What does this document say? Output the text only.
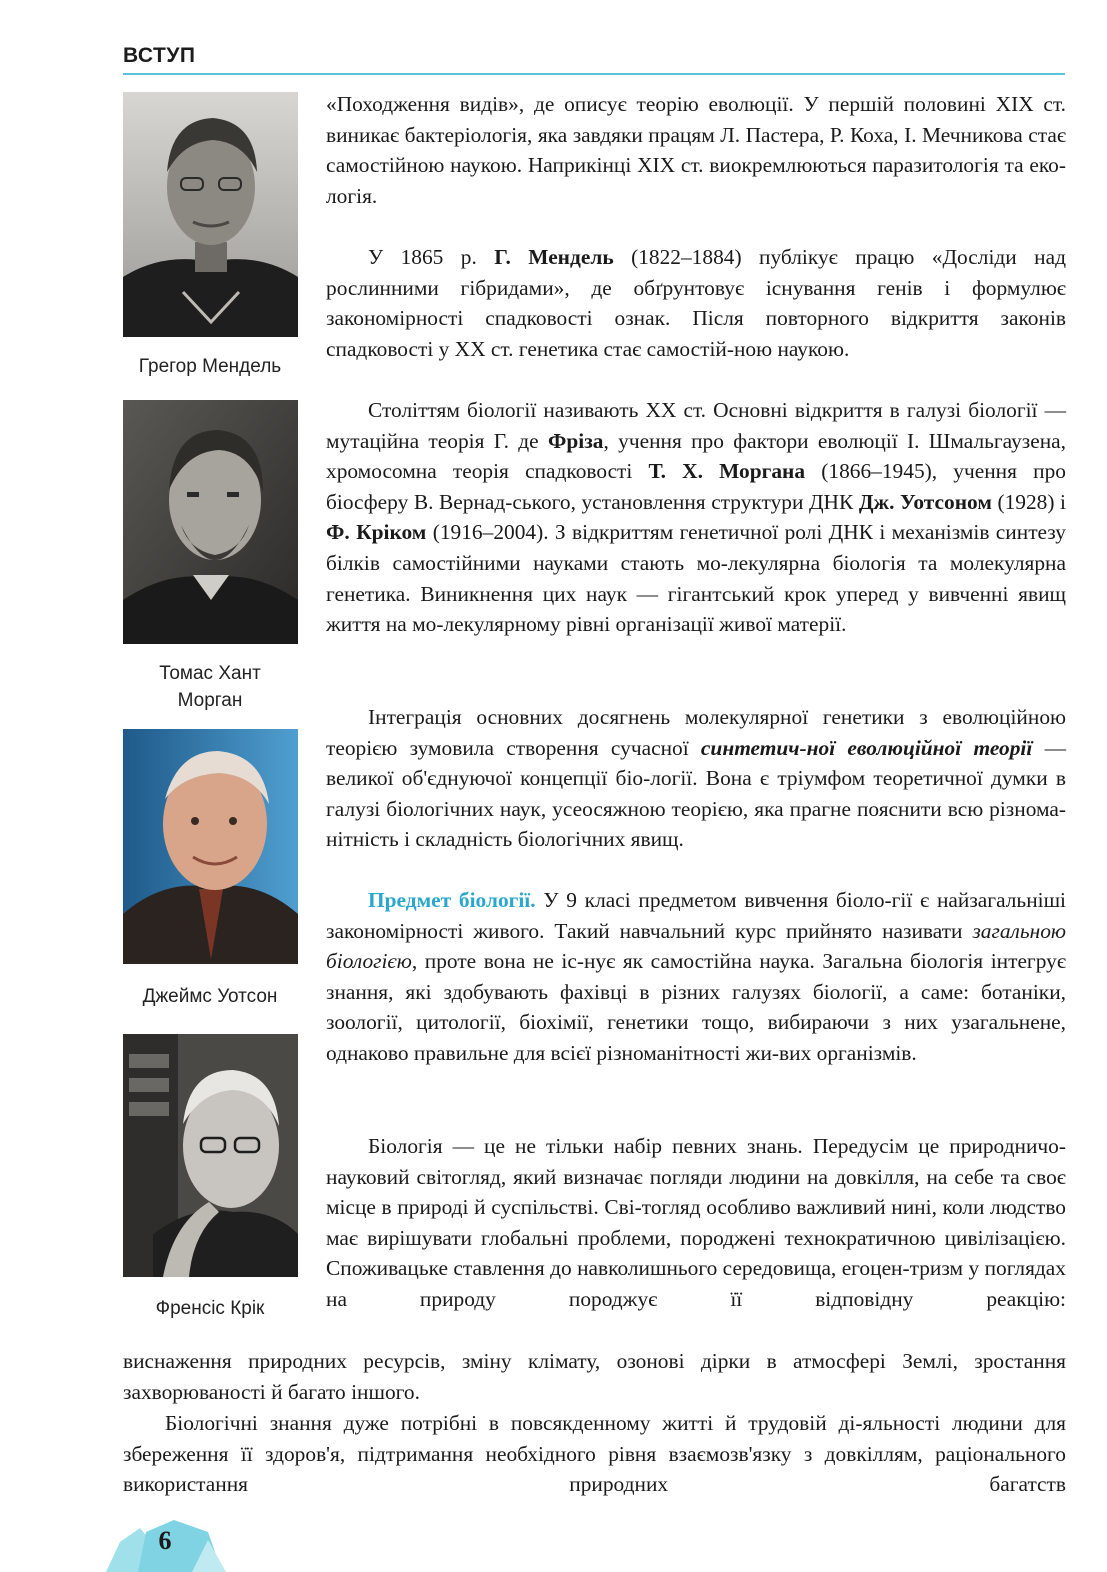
ВСТУП
Грегор Мендель
Томас Хант
Морган
Джеймс Уотсон
Френсіс Крік

«Походження видів», де описує теорію еволюції. У першій половині XIX ст. виникає бактеріологія, яка завдяки працям Л. Пастера, Р. Коха, І. Мечникова стає самостійною наукою. Наприкінці XIX ст. виокремлюються паразитологія та еко-логія.

У 1865 р. Г. Мендель (1822–1884) публікує працю «Досліди над рослинними гібридами», де обґрунтовує існування генів і формулює закономірності спадковості ознак. Після повторного відкриття законів спадковості у XX ст. генетика стає самостій-ною наукою.

Століттям біології називають XX ст. Основні відкриття в галузі біології — мутаційна теорія Г. де Фріза, учення про фактори еволюції І. Шмальгаузена, хромосомна теорія спадковості Т. Х. Моргана (1866–1945), учення про біосферу В. Вернад-ського, установлення структури ДНК Дж. Уотсоном (1928) і Ф. Кріком (1916–2004). З відкриттям генетичної ролі ДНК і механізмів синтезу білків самостійними науками стають мо-лекулярна біологія та молекулярна генетика. Виникнення цих наук — гігантський крок уперед у вивченні явищ життя на мо-лекулярному рівні організації живої матерії.

Інтеграція основних досягнень молекулярної генетики з еволюційною теорією зумовила створення сучасної синтетич-ної еволюційної теорії — великої об'єднуючої концепції біо-логії. Вона є тріумфом теоретичної думки в галузі біологічних наук, усеосяжною теорією, яка прагне пояснити всю різнома-нітність і складність біологічних явищ.

Предмет біології. У 9 класі предметом вивчення біоло-гії є найзагальніші закономірності живого. Такий навчальний курс прийнято називати загальною біологією, проте вона не іс-нує як самостійна наука. Загальна біологія інтегрує знання, які здобувають фахівці в різних галузях біології, а саме: ботаніки, зоології, цитології, біохімії, генетики тощо, вибираючи з них узагальнене, однаково правильне для всієї різноманітності жи-вих організмів.

Біологія — це не тільки набір певних знань. Передусім це природничо-науковий світогляд, який визначає погляди людини на довкілля, на себе та своє місце в природі й суспільстві. Сві-тогляд особливо важливий нині, коли людство має вирішувати глобальні проблеми, породжені технократичною цивілізацією. Споживацьке ставлення до навколишнього середовища, егоцен-тризм у поглядах на природу породжує її відповідну реакцію:

виснаження природних ресурсів, зміну клімату, озонові дірки в атмосфері Землі, зростання захворюваності й багато іншого.

Біологічні знання дуже потрібні в повсякденному житті й трудовій ді-яльності людини для збереження її здоров'я, підтримання необхідного рівня взаємозв'язку з довкіллям, раціонального використання природних багатств

6
